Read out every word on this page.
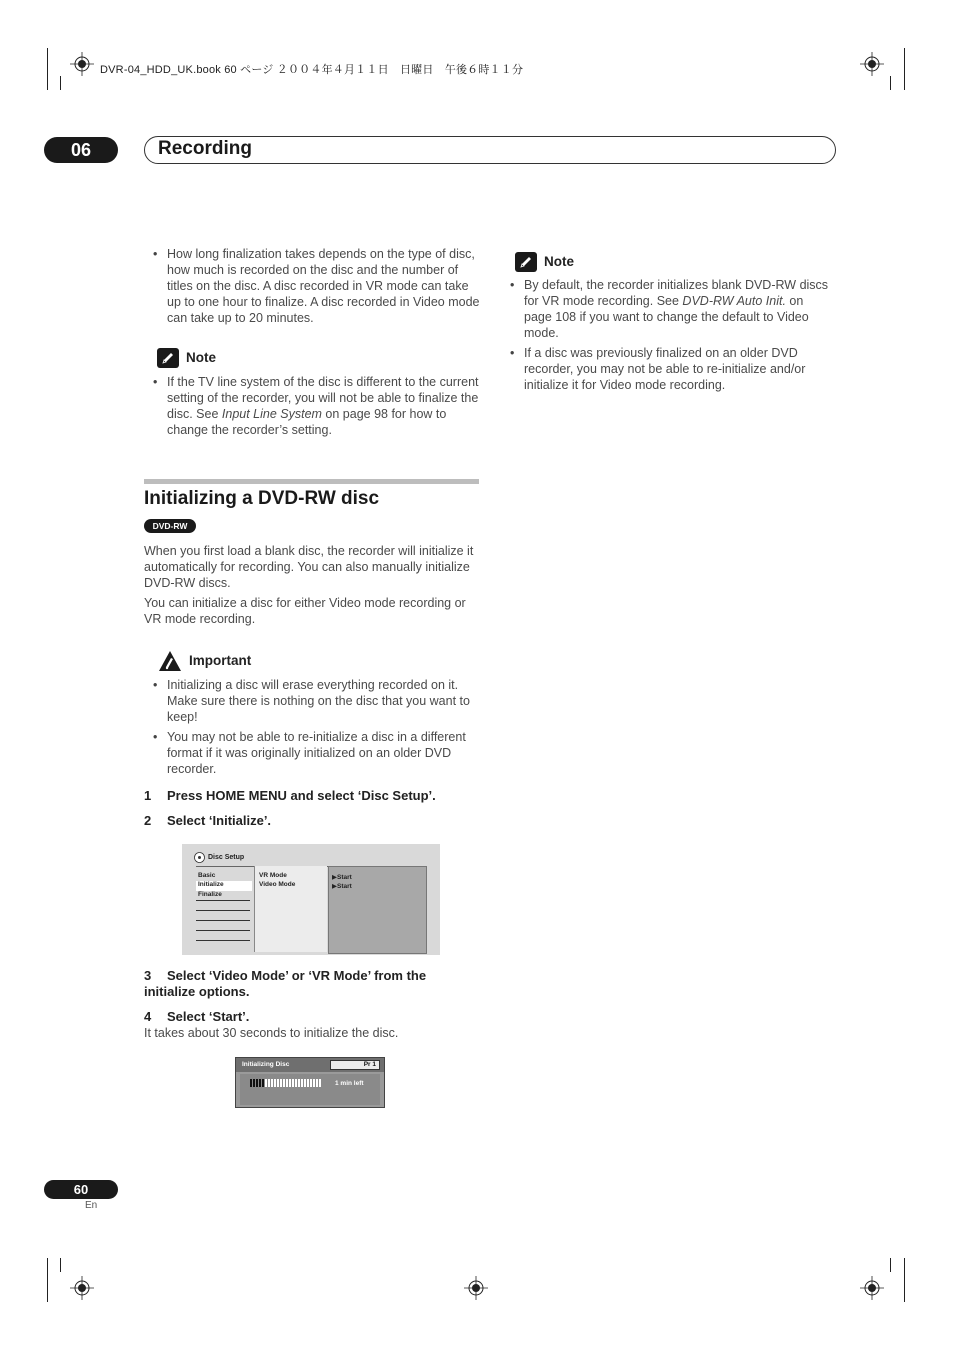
DVR-04_HDD_UK.book 60 ページ ２００４年４月１１日　日曜日　午後６時１１分
06	Recording
• How long finalization takes depends on the type of disc, how much is recorded on the disc and the number of titles on the disc. A disc recorded in VR mode can take up to one hour to finalize. A disc recorded in Video mode can take up to 20 minutes.
Note
• If the TV line system of the disc is different to the current setting of the recorder, you will not be able to finalize the disc. See Input Line System on page 98 for how to change the recorder’s setting.
Initializing a DVD-RW disc
DVD-RW

When you first load a blank disc, the recorder will initialize it automatically for recording. You can also manually initialize DVD-RW discs.

You can initialize a disc for either Video mode recording or VR mode recording.

Important
• Initializing a disc will erase everything recorded on it. Make sure there is nothing on the disc that you want to keep!
• You may not be able to re-initialize a disc in a different format if it was originally initialized on an older DVD recorder.
1 Press HOME MENU and select ‘Disc Setup’.
2 Select ‘Initialize’.
Disc Setup
Basic
Initialize
Finalize
VR Mode
Video Mode
▶Start
▶Start
3 Select ‘Video Mode’ or ‘VR Mode’ from the initialize options.
4 Select ‘Start’.
It takes about 30 seconds to initialize the disc.
Initializing Disc	Pr 1
1 min left
Note
• By default, the recorder initializes blank DVD-RW discs for VR mode recording. See DVD-RW Auto Init. on page 108 if you want to change the default to Video mode.
• If a disc was previously finalized on an older DVD recorder, you may not be able to re-initialize and/or initialize it for Video mode recording.
60
En
